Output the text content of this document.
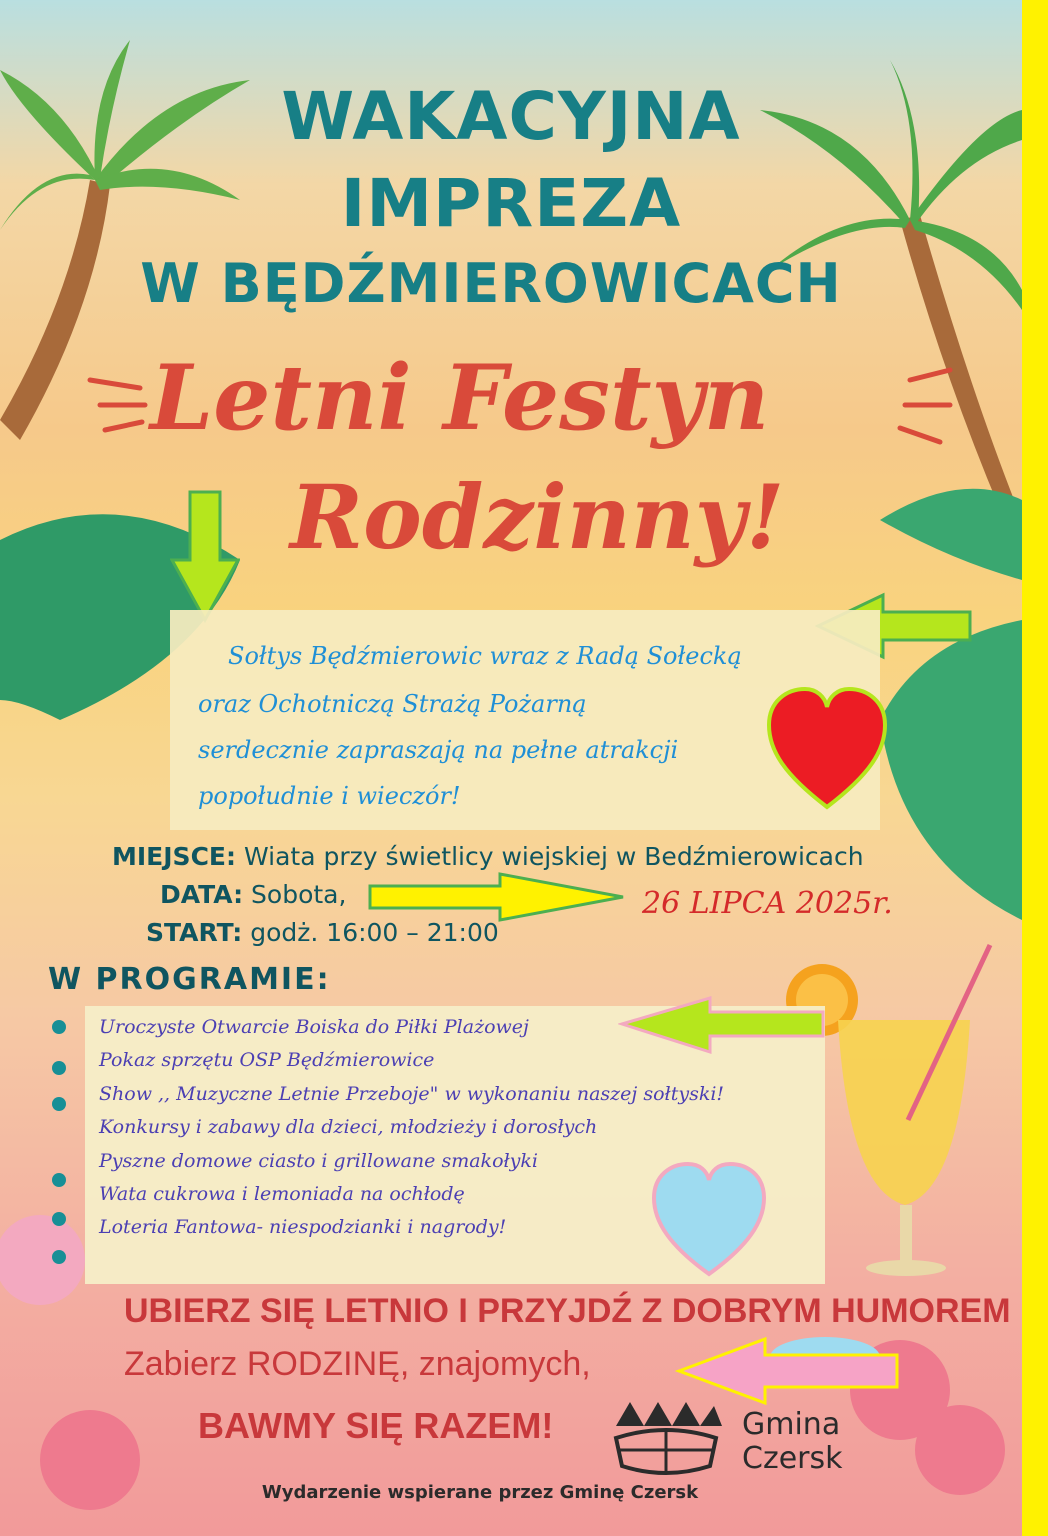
WAKACYJNA
IMPREZA
W BĘDŹMIEROWICACH
Letni Festyn
Rodzinny!
Sołtys Będźmierowic wraz z Radą Sołecką
oraz Ochotniczą Strażą Pożarną
serdecznie zapraszają na pełne atrakcji
popołudnie i wieczór!
MIEJSCE: Wiata przy świetlicy wiejskiej w Bedźmierowicach
DATA: Sobota,	26 LIPCA 2025r.
START: godż. 16:00 – 21:00
W PROGRAMIE:
Uroczyste Otwarcie Boiska do Piłki Plażowej
Pokaz sprzętu OSP Będźmierowice
Show ,, Muzyczne Letnie Przeboje" w wykonaniu naszej sołtyski!
Konkursy i zabawy dla dzieci, młodzieży i dorosłych
Pyszne domowe ciasto i grillowane smakołyki
Wata cukrowa i lemoniada na ochłodę
Loteria Fantowa- niespodzianki i nagrody!
UBIERZ SIĘ LETNIO I PRZYJDŹ Z DOBRYM HUMOREM
Zabierz RODZINĘ, znajomych,
BAWMY SIĘ RAZEM!	Gmina
Czersk
Wydarzenie wspierane przez Gminę Czersk
